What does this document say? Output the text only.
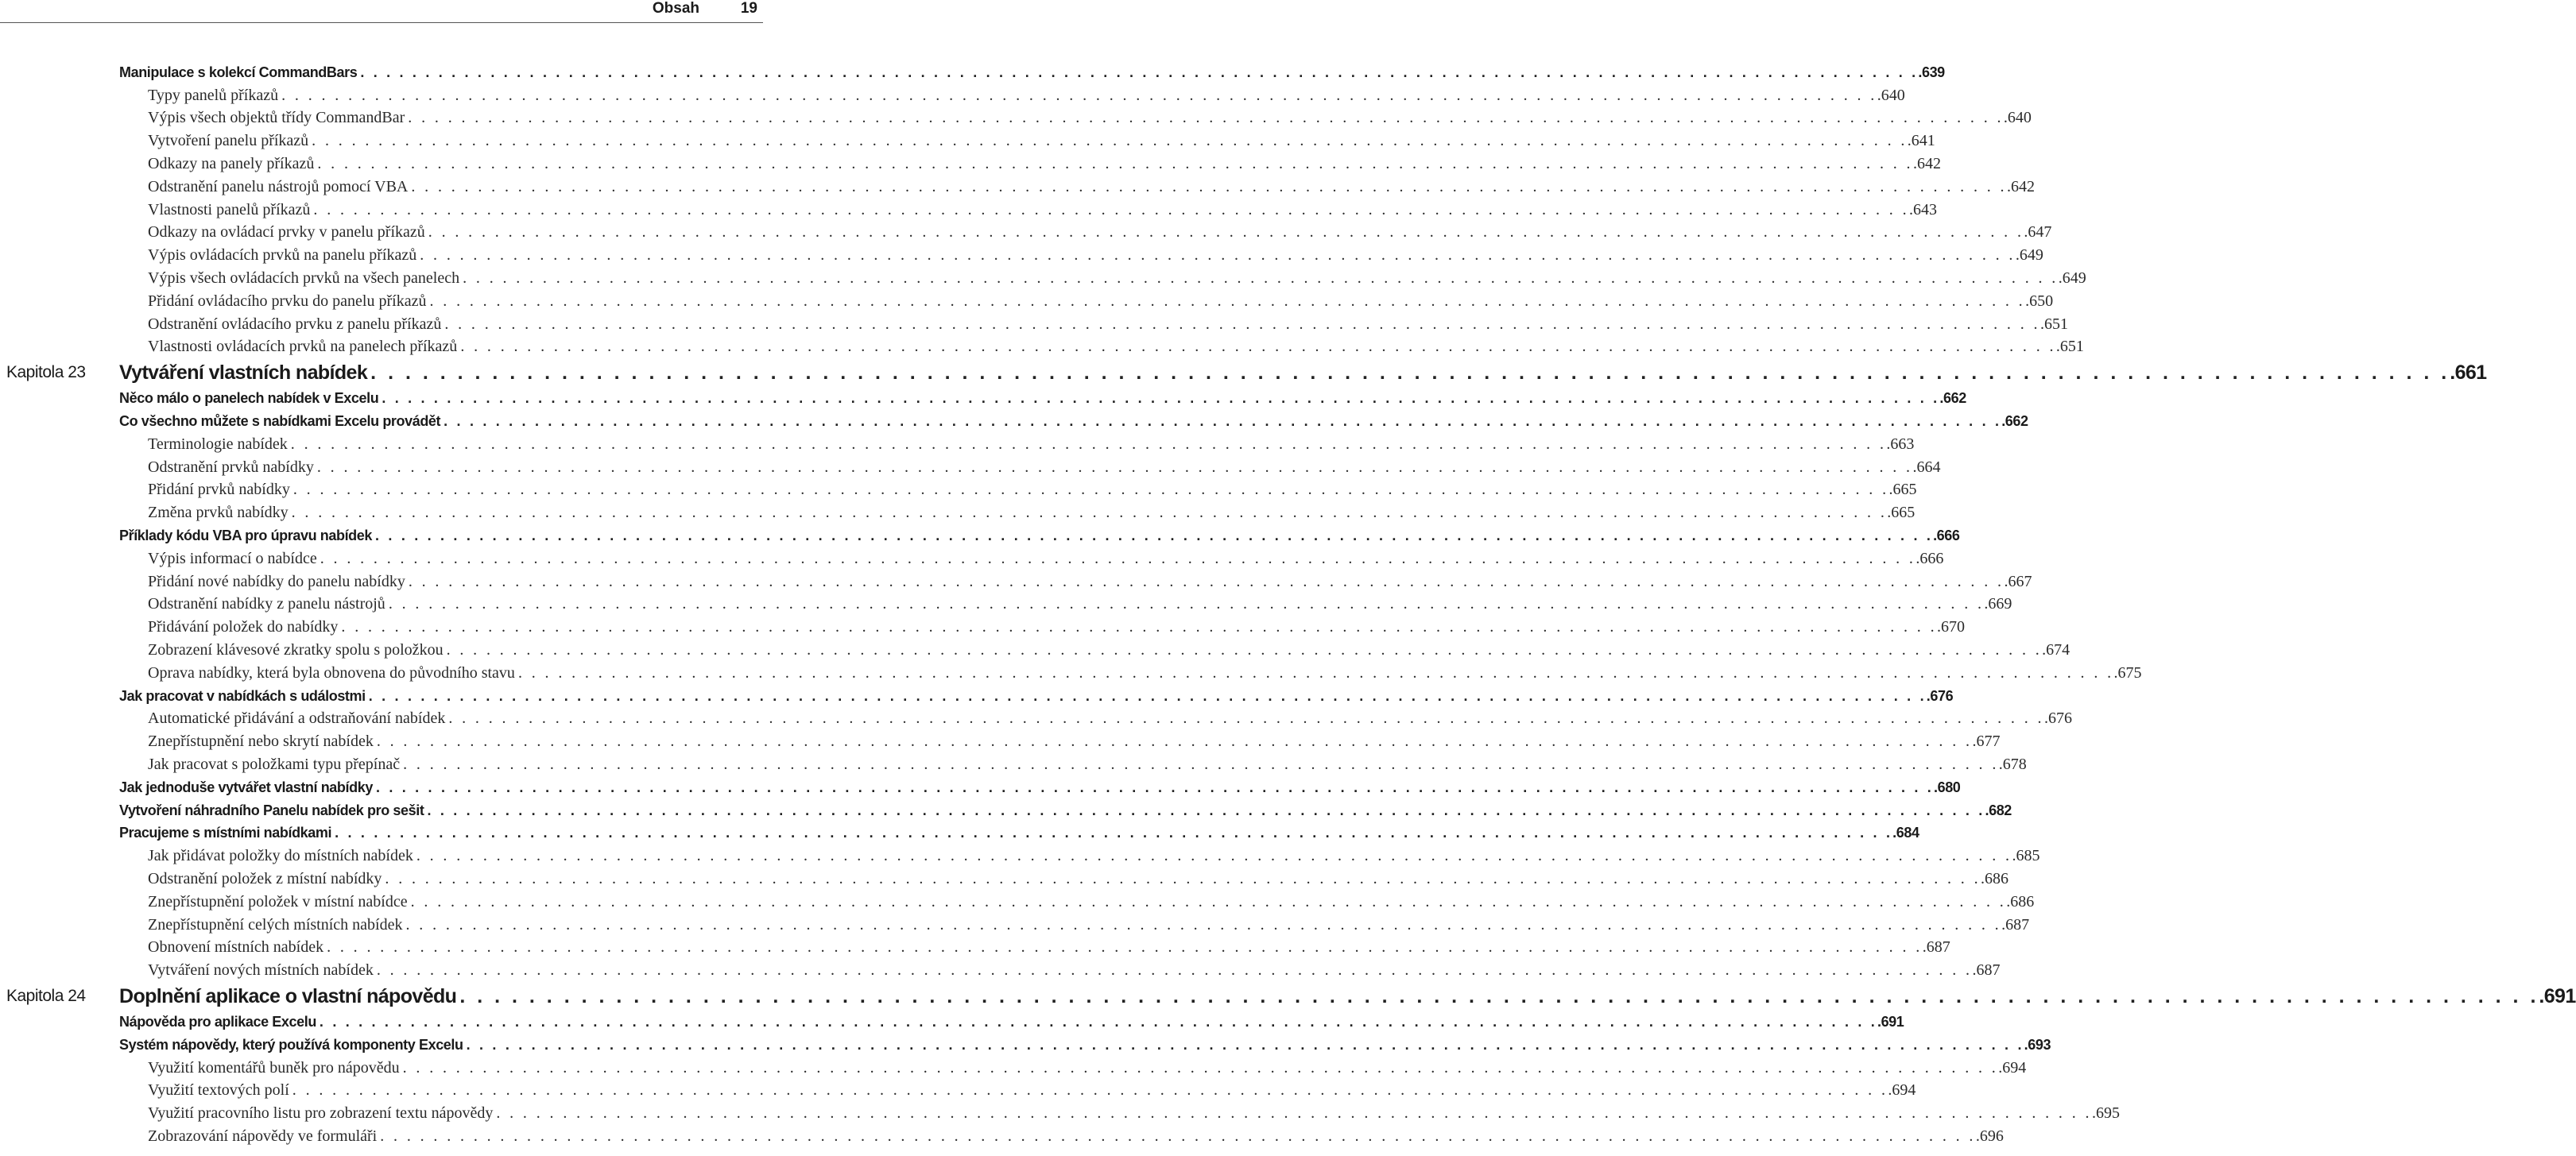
Obsah	19
Manipulace s kolekcí CommandBars . . . . . . . . . . . . . . . . . . . . . . . . . . . . . . . . . . . . . . . . . . . . . . . . . . . . . . . . . . . . . . . . . . . . . . . . . . . . . . . . . . . . . . . . . . . . . . . . . . . . . . . . . . . . . . . . . . . . . . . . .639
Typy panelů příkazů . . . . . . . . . . . . . . . . . . . . . . . . . . . . . . . . . . . . . . . . . . . . . . . . . . . . . . . . . . . . . . . . . . . . . . . . . . . . . . . . . . . . . . . . . . . . . . . . . . . . . . . . . . . . . . . . . . . . . . . . .640
Výpis všech objektů třídy CommandBar . . . . . . . . . . . . . . . . . . . . . . . . . . . . . . . . . . . . . . . . . . . . . . . . . . . . . . . . . . . . . . . . . . . . . . . . . . . . . . . . . . . . . . . . . . . . . . . . . . . . . . . . . . . . . . . . . . . . . . . . .640
Vytvoření panelu příkazů . . . . . . . . . . . . . . . . . . . . . . . . . . . . . . . . . . . . . . . . . . . . . . . . . . . . . . . . . . . . . . . . . . . . . . . . . . . . . . . . . . . . . . . . . . . . . . . . . . . . . . . . . . . . . . . . . . . . . . . . .641
Odkazy na panely příkazů . . . . . . . . . . . . . . . . . . . . . . . . . . . . . . . . . . . . . . . . . . . . . . . . . . . . . . . . . . . . . . . . . . . . . . . . . . . . . . . . . . . . . . . . . . . . . . . . . . . . . . . . . . . . . . . . . . . . . . . . .642
Odstranění panelu nástrojů pomocí VBA . . . . . . . . . . . . . . . . . . . . . . . . . . . . . . . . . . . . . . . . . . . . . . . . . . . . . . . . . . . . . . . . . . . . . . . . . . . . . . . . . . . . . . . . . . . . . . . . . . . . . . . . . . . . . . . . . . . . . . . . .642
Vlastnosti panelů příkazů . . . . . . . . . . . . . . . . . . . . . . . . . . . . . . . . . . . . . . . . . . . . . . . . . . . . . . . . . . . . . . . . . . . . . . . . . . . . . . . . . . . . . . . . . . . . . . . . . . . . . . . . . . . . . . . . . . . . . . . . .643
Odkazy na ovládací prvky v panelu příkazů . . . . . . . . . . . . . . . . . . . . . . . . . . . . . . . . . . . . . . . . . . . . . . . . . . . . . . . . . . . . . . . . . . . . . . . . . . . . . . . . . . . . . . . . . . . . . . . . . . . . . . . . . . . . . . . . . . . . . . . . .647
Výpis ovládacích prvků na panelu příkazů . . . . . . . . . . . . . . . . . . . . . . . . . . . . . . . . . . . . . . . . . . . . . . . . . . . . . . . . . . . . . . . . . . . . . . . . . . . . . . . . . . . . . . . . . . . . . . . . . . . . . . . . . . . . . . . . . . . . . . . . .649
Výpis všech ovládacích prvků na všech panelech . . . . . . . . . . . . . . . . . . . . . . . . . . . . . . . . . . . . . . . . . . . . . . . . . . . . . . . . . . . . . . . . . . . . . . . . . . . . . . . . . . . . . . . . . . . . . . . . . . . . . . . . . . . . . . . . . . . . . . . . .649
Přidání ovládacího prvku do panelu příkazů . . . . . . . . . . . . . . . . . . . . . . . . . . . . . . . . . . . . . . . . . . . . . . . . . . . . . . . . . . . . . . . . . . . . . . . . . . . . . . . . . . . . . . . . . . . . . . . . . . . . . . . . . . . . . . . . . . . . . . . . .650
Odstranění ovládacího prvku z panelu příkazů . . . . . . . . . . . . . . . . . . . . . . . . . . . . . . . . . . . . . . . . . . . . . . . . . . . . . . . . . . . . . . . . . . . . . . . . . . . . . . . . . . . . . . . . . . . . . . . . . . . . . . . . . . . . . . . . . . . . . . . . .651
Vlastnosti ovládacích prvků na panelech příkazů . . . . . . . . . . . . . . . . . . . . . . . . . . . . . . . . . . . . . . . . . . . . . . . . . . . . . . . . . . . . . . . . . . . . . . . . . . . . . . . . . . . . . . . . . . . . . . . . . . . . . . . . . . . . . . . . . . . . . . . . .651
Kapitola 23	Vytváření vlastních nabídek . . . . . . . . . . . . . . . . . . . . . . . . . . . . . . . . . . . . . . . . . . . . . . . . . . . . . . . . . . . . . . . . . . . . . . . . . . . . . . . . . . . . . . . . . . . . . . . . . . . . . . . . . . . . . . . . . . . . . . . . .661
Něco málo o panelech nabídek v Excelu . . . . . . . . . . . . . . . . . . . . . . . . . . . . . . . . . . . . . . . . . . . . . . . . . . . . . . . . . . . . . . . . . . . . . . . . . . . . . . . . . . . . . . . . . . . . . . . . . . . . . . . . . . . . . . . . . . . . . . . . .662
Co všechno můžete s nabídkami Excelu provádět . . . . . . . . . . . . . . . . . . . . . . . . . . . . . . . . . . . . . . . . . . . . . . . . . . . . . . . . . . . . . . . . . . . . . . . . . . . . . . . . . . . . . . . . . . . . . . . . . . . . . . . . . . . . . . . . . . . . . . . . .662
Terminologie nabídek . . . . . . . . . . . . . . . . . . . . . . . . . . . . . . . . . . . . . . . . . . . . . . . . . . . . . . . . . . . . . . . . . . . . . . . . . . . . . . . . . . . . . . . . . . . . . . . . . . . . . . . . . . . . . . . . . . . . . . . . .663
Odstranění prvků nabídky . . . . . . . . . . . . . . . . . . . . . . . . . . . . . . . . . . . . . . . . . . . . . . . . . . . . . . . . . . . . . . . . . . . . . . . . . . . . . . . . . . . . . . . . . . . . . . . . . . . . . . . . . . . . . . . . . . . . . . . . .664
Přidání prvků nabídky . . . . . . . . . . . . . . . . . . . . . . . . . . . . . . . . . . . . . . . . . . . . . . . . . . . . . . . . . . . . . . . . . . . . . . . . . . . . . . . . . . . . . . . . . . . . . . . . . . . . . . . . . . . . . . . . . . . . . . . . .665
Změna prvků nabídky . . . . . . . . . . . . . . . . . . . . . . . . . . . . . . . . . . . . . . . . . . . . . . . . . . . . . . . . . . . . . . . . . . . . . . . . . . . . . . . . . . . . . . . . . . . . . . . . . . . . . . . . . . . . . . . . . . . . . . . . .665
Příklady kódu VBA pro úpravu nabídek . . . . . . . . . . . . . . . . . . . . . . . . . . . . . . . . . . . . . . . . . . . . . . . . . . . . . . . . . . . . . . . . . . . . . . . . . . . . . . . . . . . . . . . . . . . . . . . . . . . . . . . . . . . . . . . . . . . . . . . . .666
Výpis informací o nabídce . . . . . . . . . . . . . . . . . . . . . . . . . . . . . . . . . . . . . . . . . . . . . . . . . . . . . . . . . . . . . . . . . . . . . . . . . . . . . . . . . . . . . . . . . . . . . . . . . . . . . . . . . . . . . . . . . . . . . . . . .666
Přidání nové nabídky do panelu nabídky . . . . . . . . . . . . . . . . . . . . . . . . . . . . . . . . . . . . . . . . . . . . . . . . . . . . . . . . . . . . . . . . . . . . . . . . . . . . . . . . . . . . . . . . . . . . . . . . . . . . . . . . . . . . . . . . . . . . . . . . .667
Odstranění nabídky z panelu nástrojů . . . . . . . . . . . . . . . . . . . . . . . . . . . . . . . . . . . . . . . . . . . . . . . . . . . . . . . . . . . . . . . . . . . . . . . . . . . . . . . . . . . . . . . . . . . . . . . . . . . . . . . . . . . . . . . . . . . . . . . . .669
Přidávání položek do nabídky . . . . . . . . . . . . . . . . . . . . . . . . . . . . . . . . . . . . . . . . . . . . . . . . . . . . . . . . . . . . . . . . . . . . . . . . . . . . . . . . . . . . . . . . . . . . . . . . . . . . . . . . . . . . . . . . . . . . . . . . .670
Zobrazení klávesové zkratky spolu s položkou . . . . . . . . . . . . . . . . . . . . . . . . . . . . . . . . . . . . . . . . . . . . . . . . . . . . . . . . . . . . . . . . . . . . . . . . . . . . . . . . . . . . . . . . . . . . . . . . . . . . . . . . . . . . . . . . . . . . . . . . .674
Oprava nabídky, která byla obnovena do původního stavu . . . . . . . . . . . . . . . . . . . . . . . . . . . . . . . . . . . . . . . . . . . . . . . . . . . . . . . . . . . . . . . . . . . . . . . . . . . . . . . . . . . . . . . . . . . . . . . . . . . . . . . . . . . . . . . . . . . . . . . . .675
Jak pracovat v nabídkách s událostmi . . . . . . . . . . . . . . . . . . . . . . . . . . . . . . . . . . . . . . . . . . . . . . . . . . . . . . . . . . . . . . . . . . . . . . . . . . . . . . . . . . . . . . . . . . . . . . . . . . . . . . . . . . . . . . . . . . . . . . . . .676
Automatické přidávání a odstraňování nabídek . . . . . . . . . . . . . . . . . . . . . . . . . . . . . . . . . . . . . . . . . . . . . . . . . . . . . . . . . . . . . . . . . . . . . . . . . . . . . . . . . . . . . . . . . . . . . . . . . . . . . . . . . . . . . . . . . . . . . . . . .676
Znepřístupnění nebo skrytí nabídek . . . . . . . . . . . . . . . . . . . . . . . . . . . . . . . . . . . . . . . . . . . . . . . . . . . . . . . . . . . . . . . . . . . . . . . . . . . . . . . . . . . . . . . . . . . . . . . . . . . . . . . . . . . . . . . . . . . . . . . . .677
Jak pracovat s položkami typu přepínač . . . . . . . . . . . . . . . . . . . . . . . . . . . . . . . . . . . . . . . . . . . . . . . . . . . . . . . . . . . . . . . . . . . . . . . . . . . . . . . . . . . . . . . . . . . . . . . . . . . . . . . . . . . . . . . . . . . . . . . . .678
Jak jednoduše vytvářet vlastní nabídky . . . . . . . . . . . . . . . . . . . . . . . . . . . . . . . . . . . . . . . . . . . . . . . . . . . . . . . . . . . . . . . . . . . . . . . . . . . . . . . . . . . . . . . . . . . . . . . . . . . . . . . . . . . . . . . . . . . . . . . . .680
Vytvoření náhradního Panelu nabídek pro sešit . . . . . . . . . . . . . . . . . . . . . . . . . . . . . . . . . . . . . . . . . . . . . . . . . . . . . . . . . . . . . . . . . . . . . . . . . . . . . . . . . . . . . . . . . . . . . . . . . . . . . . . . . . . . . . . . . . . . . . . . .682
Pracujeme s místními nabídkami . . . . . . . . . . . . . . . . . . . . . . . . . . . . . . . . . . . . . . . . . . . . . . . . . . . . . . . . . . . . . . . . . . . . . . . . . . . . . . . . . . . . . . . . . . . . . . . . . . . . . . . . . . . . . . . . . . . . . . . . .684
Jak přidávat položky do místních nabídek . . . . . . . . . . . . . . . . . . . . . . . . . . . . . . . . . . . . . . . . . . . . . . . . . . . . . . . . . . . . . . . . . . . . . . . . . . . . . . . . . . . . . . . . . . . . . . . . . . . . . . . . . . . . . . . . . . . . . . . . .685
Odstranění položek z místní nabídky . . . . . . . . . . . . . . . . . . . . . . . . . . . . . . . . . . . . . . . . . . . . . . . . . . . . . . . . . . . . . . . . . . . . . . . . . . . . . . . . . . . . . . . . . . . . . . . . . . . . . . . . . . . . . . . . . . . . . . . . .686
Znepřístupnění položek v místní nabídce . . . . . . . . . . . . . . . . . . . . . . . . . . . . . . . . . . . . . . . . . . . . . . . . . . . . . . . . . . . . . . . . . . . . . . . . . . . . . . . . . . . . . . . . . . . . . . . . . . . . . . . . . . . . . . . . . . . . . . . . .686
Znepřístupnění celých místních nabídek . . . . . . . . . . . . . . . . . . . . . . . . . . . . . . . . . . . . . . . . . . . . . . . . . . . . . . . . . . . . . . . . . . . . . . . . . . . . . . . . . . . . . . . . . . . . . . . . . . . . . . . . . . . . . . . . . . . . . . . . .687
Obnovení místních nabídek . . . . . . . . . . . . . . . . . . . . . . . . . . . . . . . . . . . . . . . . . . . . . . . . . . . . . . . . . . . . . . . . . . . . . . . . . . . . . . . . . . . . . . . . . . . . . . . . . . . . . . . . . . . . . . . . . . . . . . . . .687
Vytváření nových místních nabídek . . . . . . . . . . . . . . . . . . . . . . . . . . . . . . . . . . . . . . . . . . . . . . . . . . . . . . . . . . . . . . . . . . . . . . . . . . . . . . . . . . . . . . . . . . . . . . . . . . . . . . . . . . . . . . . . . . . . . . . . .687
Kapitola 24	Doplnění aplikace o vlastní nápovědu . . . . . . . . . . . . . . . . . . . . . . . . . . . . . . . . . . . . . . . . . . . . . . . . . . . . . . . . . . . . . . . . . . . . . . . . . . . . . . . . . . . . . . . . . . . . . . . . . . . . . . . . . . . . . . . . . . . . . . . . .691
Nápověda pro aplikace Excelu . . . . . . . . . . . . . . . . . . . . . . . . . . . . . . . . . . . . . . . . . . . . . . . . . . . . . . . . . . . . . . . . . . . . . . . . . . . . . . . . . . . . . . . . . . . . . . . . . . . . . . . . . . . . . . . . . . . . . . . . .691
Systém nápovědy, který používá komponenty Excelu . . . . . . . . . . . . . . . . . . . . . . . . . . . . . . . . . . . . . . . . . . . . . . . . . . . . . . . . . . . . . . . . . . . . . . . . . . . . . . . . . . . . . . . . . . . . . . . . . . . . . . . . . . . . . . . . . . . . . . . . .693
Využití komentářů buněk pro nápovědu . . . . . . . . . . . . . . . . . . . . . . . . . . . . . . . . . . . . . . . . . . . . . . . . . . . . . . . . . . . . . . . . . . . . . . . . . . . . . . . . . . . . . . . . . . . . . . . . . . . . . . . . . . . . . . . . . . . . . . . . .694
Využití textových polí . . . . . . . . . . . . . . . . . . . . . . . . . . . . . . . . . . . . . . . . . . . . . . . . . . . . . . . . . . . . . . . . . . . . . . . . . . . . . . . . . . . . . . . . . . . . . . . . . . . . . . . . . . . . . . . . . . . . . . . . .694
Využití pracovního listu pro zobrazení textu nápovědy . . . . . . . . . . . . . . . . . . . . . . . . . . . . . . . . . . . . . . . . . . . . . . . . . . . . . . . . . . . . . . . . . . . . . . . . . . . . . . . . . . . . . . . . . . . . . . . . . . . . . . . . . . . . . . . . . . . . . . . . .695
Zobrazování nápovědy ve formuláři . . . . . . . . . . . . . . . . . . . . . . . . . . . . . . . . . . . . . . . . . . . . . . . . . . . . . . . . . . . . . . . . . . . . . . . . . . . . . . . . . . . . . . . . . . . . . . . . . . . . . . . . . . . . . . . . . . . . . . . . .696
